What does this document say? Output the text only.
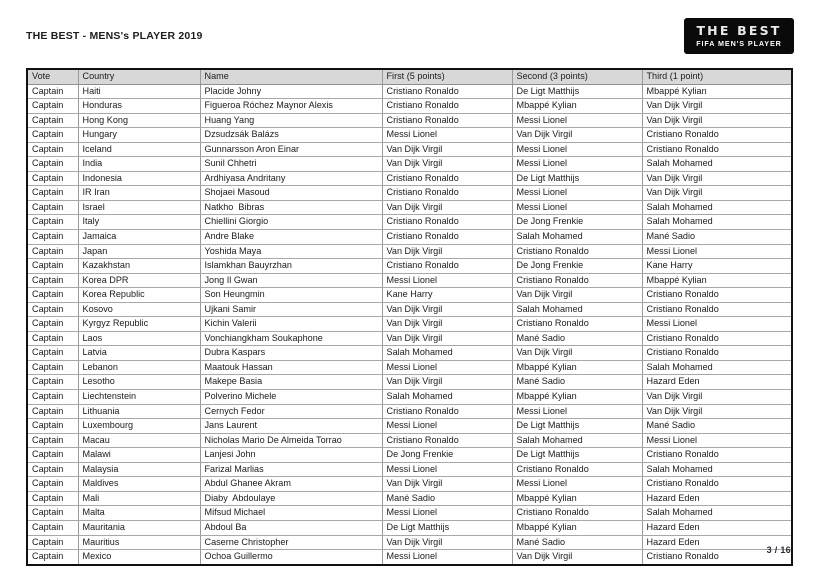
THE BEST - MENS's PLAYER 2019	THE BEST
FIFA MEN'S PLAYER
Vote	Country	Name	First (5 points)	Second (3 points)	Third (1 point)
Captain	Haiti	Placide Johny	Cristiano Ronaldo	De Ligt Matthijs	Mbappé Kylian
Captain	Honduras	Figueroa Róchez Maynor Alexis	Cristiano Ronaldo	Mbappé Kylian	Van Dijk Virgil
Captain	Hong Kong	Huang Yang	Cristiano Ronaldo	Messi Lionel	Van Dijk Virgil
Captain	Hungary	Dzsudzsák Balázs	Messi Lionel	Van Dijk Virgil	Cristiano Ronaldo
Captain	Iceland	Gunnarsson Aron Einar	Van Dijk Virgil	Messi Lionel	Cristiano Ronaldo
Captain	India	Sunil Chhetri	Van Dijk Virgil	Messi Lionel	Salah Mohamed
Captain	Indonesia	Ardhiyasa Andritany	Cristiano Ronaldo	De Ligt Matthijs	Van Dijk Virgil
Captain	IR Iran	Shojaei Masoud	Cristiano Ronaldo	Messi Lionel	Van Dijk Virgil
Captain	Israel	Natkho  Bibras	Van Dijk Virgil	Messi Lionel	Salah Mohamed
Captain	Italy	Chiellini Giorgio	Cristiano Ronaldo	De Jong Frenkie	Salah Mohamed
Captain	Jamaica	Andre Blake	Cristiano Ronaldo	Salah Mohamed	Mané Sadio
Captain	Japan	Yoshida Maya	Van Dijk Virgil	Cristiano Ronaldo	Messi Lionel
Captain	Kazakhstan	Islamkhan Bauyrzhan	Cristiano Ronaldo	De Jong Frenkie	Kane Harry
Captain	Korea DPR	Jong Il Gwan	Messi Lionel	Cristiano Ronaldo	Mbappé Kylian
Captain	Korea Republic	Son Heungmin	Kane Harry	Van Dijk Virgil	Cristiano Ronaldo
Captain	Kosovo	Ujkani Samir	Van Dijk Virgil	Salah Mohamed	Cristiano Ronaldo
Captain	Kyrgyz Republic	Kichin Valerii	Van Dijk Virgil	Cristiano Ronaldo	Messi Lionel
Captain	Laos	Vonchiangkham Soukaphone	Van Dijk Virgil	Mané Sadio	Cristiano Ronaldo
Captain	Latvia	Dubra Kaspars	Salah Mohamed	Van Dijk Virgil	Cristiano Ronaldo
Captain	Lebanon	Maatouk Hassan	Messi Lionel	Mbappé Kylian	Salah Mohamed
Captain	Lesotho	Makepe Basia	Van Dijk Virgil	Mané Sadio	Hazard Eden
Captain	Liechtenstein	Polverino Michele	Salah Mohamed	Mbappé Kylian	Van Dijk Virgil
Captain	Lithuania	Cernych Fedor	Cristiano Ronaldo	Messi Lionel	Van Dijk Virgil
Captain	Luxembourg	Jans Laurent	Messi Lionel	De Ligt Matthijs	Mané Sadio
Captain	Macau	Nicholas Mario De Almeida Torrao	Cristiano Ronaldo	Salah Mohamed	Messi Lionel
Captain	Malawi	Lanjesi John	De Jong Frenkie	De Ligt Matthijs	Cristiano Ronaldo
Captain	Malaysia	Farizal Marlias	Messi Lionel	Cristiano Ronaldo	Salah Mohamed
Captain	Maldives	Abdul Ghanee Akram	Van Dijk Virgil	Messi Lionel	Cristiano Ronaldo
Captain	Mali	Diaby  Abdoulaye	Mané Sadio	Mbappé Kylian	Hazard Eden
Captain	Malta	Mifsud Michael	Messi Lionel	Cristiano Ronaldo	Salah Mohamed
Captain	Mauritania	Abdoul Ba	De Ligt Matthijs	Mbappé Kylian	Hazard Eden
Captain	Mauritius	Caserne Christopher	Van Dijk Virgil	Mané Sadio	Hazard Eden
Captain	Mexico	Ochoa Guillermo	Messi Lionel	Van Dijk Virgil	Cristiano Ronaldo
3 / 16
